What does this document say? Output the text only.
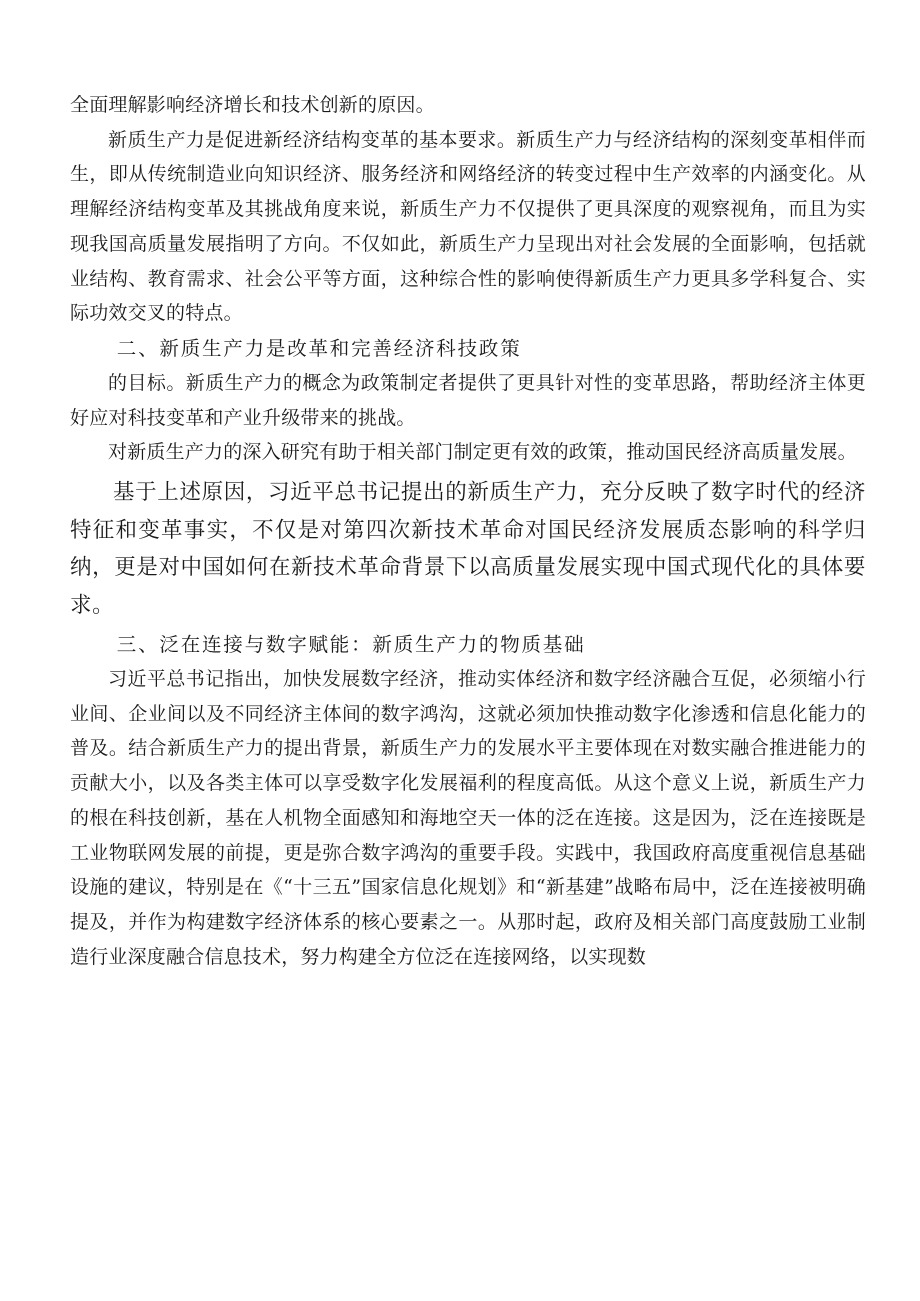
全面理解影响经济增长和技术创新的原因。

新质生产力是促进新经济结构变革的基本要求。新质生产力与经济结构的深刻变革相伴而生，即从传统制造业向知识经济、服务经济和网络经济的转变过程中生产效率的内涵变化。从理解经济结构变革及其挑战角度来说，新质生产力不仅提供了更具深度的观察视角，而且为实现我国高质量发展指明了方向。不仅如此，新质生产力呈现出对社会发展的全面影响，包括就业结构、教育需求、社会公平等方面，这种综合性的影响使得新质生产力更具多学科复合、实际功效交叉的特点。

二、新质生产力是改革和完善经济科技政策

的目标。新质生产力的概念为政策制定者提供了更具针对性的变革思路，帮助经济主体更好应对科技变革和产业升级带来的挑战。

对新质生产力的深入研究有助于相关部门制定更有效的政策，推动国民经济高质量发展。

基于上述原因，习近平总书记提出的新质生产力，充分反映了数字时代的经济特征和变革事实，不仅是对第四次新技术革命对国民经济发展质态影响的科学归纳，更是对中国如何在新技术革命背景下以高质量发展实现中国式现代化的具体要求。

三、泛在连接与数字赋能：新质生产力的物质基础

习近平总书记指出，加快发展数字经济，推动实体经济和数字经济融合互促，必须缩小行业间、企业间以及不同经济主体间的数字鸿沟，这就必须加快推动数字化渗透和信息化能力的普及。结合新质生产力的提出背景，新质生产力的发展水平主要体现在对数实融合推进能力的贡献大小，以及各类主体可以享受数字化发展福利的程度高低。从这个意义上说，新质生产力的根在科技创新，基在人机物全面感知和海地空天一体的泛在连接。这是因为，泛在连接既是工业物联网发展的前提，更是弥合数字鸿沟的重要手段。实践中，我国政府高度重视信息基础设施的建议，特别是在《“十三五”国家信息化规划》和“新基建”战略布局中，泛在连接被明确提及，并作为构建数字经济体系的核心要素之一。从那时起，政府及相关部门高度鼓励工业制造行业深度融合信息技术，努力构建全方位泛在连接网络，以实现数
